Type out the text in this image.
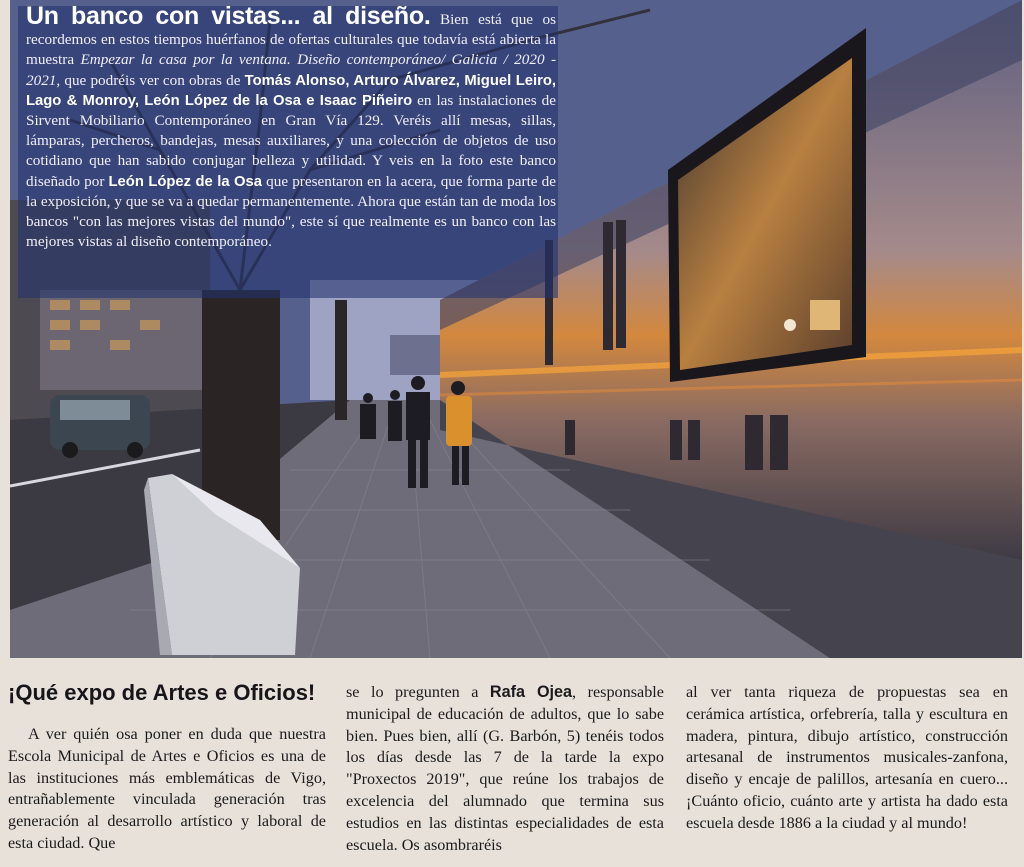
Un banco con vistas... al diseño. Bien está que os recordemos en estos tiempos huérfanos de ofertas culturales que todavía está abierta la muestra Empezar la casa por la ventana. Diseño contemporáneo/ Galicia / 2020 - 2021, que podréis ver con obras de Tomás Alonso, Arturo Álvarez, Miguel Leiro, Lago & Monroy, León López de la Osa e Isaac Piñeiro en las instalaciones de Sirvent Mobiliario Contemporáneo en Gran Vía 129. Veréis allí mesas, sillas, lámparas, percheros, bandejas, mesas auxiliares, y una colección de objetos de uso cotidiano que han sabido conjugar belleza y utilidad. Y veis en la foto este banco diseñado por León López de la Osa que presentaron en la acera, que forma parte de la exposición, y que se va a quedar permanentemente. Ahora que están tan de moda los bancos "con las mejores vistas del mundo", este sí que realmente es un banco con las mejores vistas al diseño contemporáneo.
¡Qué expo de Artes e Oficios!

A ver quién osa poner en duda que nuestra Escola Municipal de Artes e Oficios es una de las instituciones más emblemáticas de Vigo, entrañablemente vinculada generación tras generación al desarrollo artístico y laboral de esta ciudad. Que

se lo pregunten a Rafa Ojea, responsable municipal de educación de adultos, que lo sabe bien. Pues bien, allí (G. Barbón, 5) tenéis todos los días desde las 7 de la tarde la expo "Proxectos 2019", que reúne los trabajos de excelencia del alumnado que termina sus estudios en las distintas especialidades de esta escuela. Os asombraréis

al ver tanta riqueza de propuestas sea en cerámica artística, orfebrería, talla y escultura en madera, pintura, dibujo artístico, construcción artesanal de instrumentos musicales-zanfona, diseño y encaje de palillos, artesanía en cuero... ¡Cuánto oficio, cuánto arte y artista ha dado esta escuela desde 1886 a la ciudad y al mundo!
